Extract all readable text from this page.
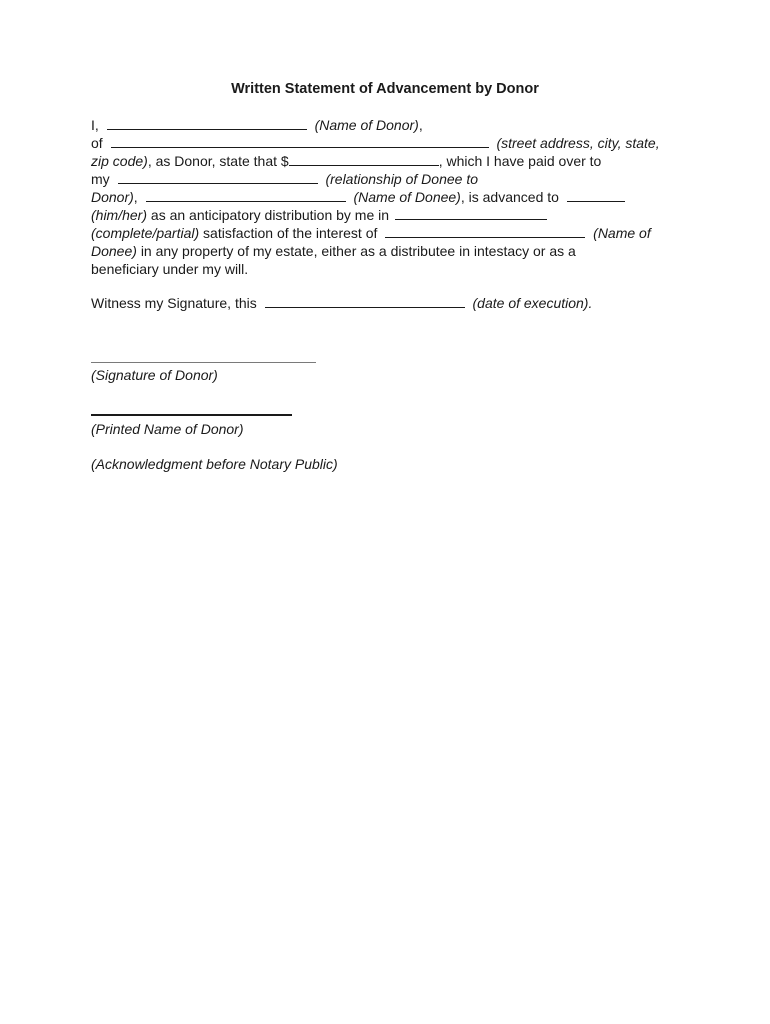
Written Statement of Advancement by Donor
I,	(Name of Donor),
of	(street address, city, state,
zip code), as Donor, state that $	, which I have paid over to
my	(relationship of Donee to
Donor),	(Name of Donee), is advanced to
(him/her) as an anticipatory distribution by me in
(complete/partial) satisfaction of the interest of	(Name of
Donee) in any property of my estate, either as a distributee in intestacy or as a
beneficiary under my will.
Witness my Signature, this	(date of execution).
(Signature of Donor)
(Printed Name of Donor)
(Acknowledgment before Notary Public)
